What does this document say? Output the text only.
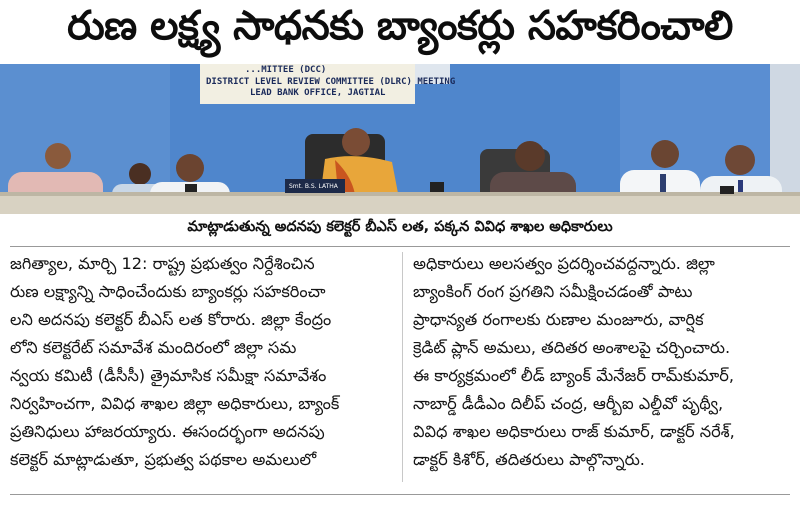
రుణ లక్ష్య సాధనకు బ్యాంకర్లు సహకరించాలి
...MITTEE (DCC)
DISTRICT LEVEL REVIEW COMMITTEE (DLRC) MEETING
LEAD BANK OFFICE, JAGTIAL
Smt. B.S. LATHA
మాట్లాడుతున్న అదనపు కలెక్టర్ బీఎస్ లత, పక్కన వివిధ శాఖల అధికారులు
జగిత్యాల, మార్చి 12: రాష్ట్ర ప్రభుత్వం నిర్దేశించిన
రుణ లక్ష్యాన్ని సాధించేందుకు బ్యాంకర్లు సహకరించా
లని అదనపు కలెక్టర్ బీఎస్ లత కోరారు. జిల్లా కేంద్రం
లోని కలెక్టరేట్ సమావేశ మందిరంలో జిల్లా సమ
న్వయ కమిటీ (డీసీసీ) త్రైమాసిక సమీక్షా సమావేశం
నిర్వహించగా, వివిధ శాఖల జిల్లా అధికారులు, బ్యాంక్
ప్రతినిధులు హాజరయ్యారు. ఈసందర్భంగా అదనపు
కలెక్టర్ మాట్లాడుతూ, ప్రభుత్వ పథకాల అమలులో
అధికారులు అలసత్వం ప్రదర్శించవద్దన్నారు. జిల్లా
బ్యాంకింగ్ రంగ ప్రగతిని సమీక్షించడంతో పాటు
ప్రాధాన్యత రంగాలకు రుణాల మంజూరు, వార్షిక
క్రెడిట్ ప్లాన్ అమలు, తదితర అంశాలపై చర్చించారు.
ఈ కార్యక్రమంలో లీడ్ బ్యాంక్ మేనేజర్ రామ్‌కుమార్,
నాబార్డ్ డీడీఎం దిలీప్ చంద్ర, ఆర్బీఐ ఎల్డీవో పృథ్వీ,
వివిధ శాఖల అధికారులు రాజ్ కుమార్, డాక్టర్ నరేశ్,
డాక్టర్ కిశోర్, తదితరులు పాల్గొన్నారు.
